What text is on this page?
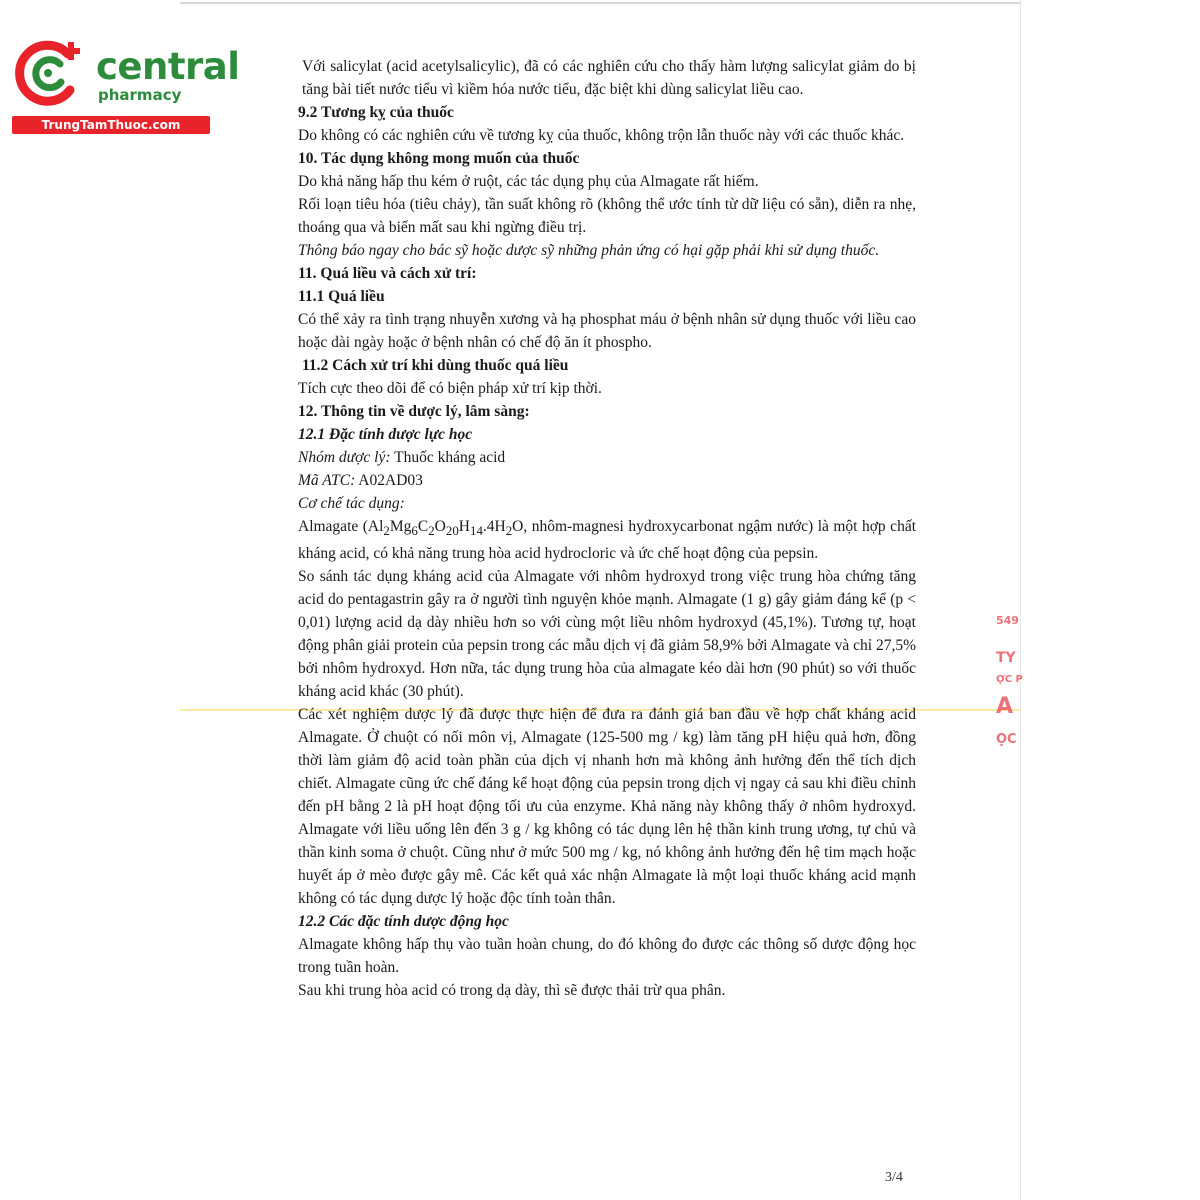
central
pharmacy
TrungTamThuoc.com
549
TY
ỢC P
A
ỌC

Với salicylat (acid acetylsalicylic), đã có các nghiên cứu cho thấy hàm lượng salicylat giảm do bị tăng bài tiết nước tiểu vì kiềm hóa nước tiểu, đặc biệt khi dùng salicylat liều cao.

9.2 Tương kỵ của thuốc

Do không có các nghiên cứu về tương kỵ của thuốc, không trộn lẫn thuốc này với các thuốc khác.

10. Tác dụng không mong muốn của thuốc

Do khả năng hấp thu kém ở ruột, các tác dụng phụ của Almagate rất hiếm.

Rối loạn tiêu hóa (tiêu chảy), tần suất không rõ (không thể ước tính từ dữ liệu có sẵn), diễn ra nhẹ, thoáng qua và biến mất sau khi ngừng điều trị.

Thông báo ngay cho bác sỹ hoặc dược sỹ những phản ứng có hại gặp phải khi sử dụng thuốc.

11. Quá liều và cách xử trí:
11.1 Quá liều

Có thể xảy ra tình trạng nhuyễn xương và hạ phosphat máu ở bệnh nhân sử dụng thuốc với liều cao hoặc dài ngày hoặc ở bệnh nhân có chế độ ăn ít phospho.

11.2 Cách xử trí khi dùng thuốc quá liều

Tích cực theo dõi để có biện pháp xử trí kịp thời.

12. Thông tin về dược lý, lâm sàng:
12.1 Đặc tính dược lực học

Nhóm dược lý: Thuốc kháng acid

Mã ATC: A02AD03

Cơ chế tác dụng:

Almagate ($Al_2Mg_6C_2O_{20}H_{14}.4H_2O$, nhôm-magnesi hydroxycarbonat ngậm nước) là một hợp chất kháng acid, có khả năng trung hòa acid hydrocloric và ức chế hoạt động của pepsin.

So sánh tác dụng kháng acid của Almagate với nhôm hydroxyd trong việc trung hòa chứng tăng acid do pentagastrin gây ra ở người tình nguyện khỏe mạnh. Almagate (1 g) gây giảm đáng kể (p < 0,01) lượng acid dạ dày nhiều hơn so với cùng một liều nhôm hydroxyd (45,1%). Tương tự, hoạt động phân giải protein của pepsin trong các mẫu dịch vị đã giảm 58,9% bởi Almagate và chỉ 27,5% bởi nhôm hydroxyd. Hơn nữa, tác dụng trung hòa của almagate kéo dài hơn (90 phút) so với thuốc kháng acid khác (30 phút).

Các xét nghiệm dược lý đã được thực hiện để đưa ra đánh giá ban đầu về hợp chất kháng acid Almagate. Ở chuột có nối môn vị, Almagate (125-500 mg / kg) làm tăng pH hiệu quả hơn, đồng thời làm giảm độ acid toàn phần của dịch vị nhanh hơn mà không ảnh hưởng đến thể tích dịch chiết. Almagate cũng ức chế đáng kể hoạt động của pepsin trong dịch vị ngay cả sau khi điều chỉnh đến pH bằng 2 là pH hoạt động tối ưu của enzyme. Khả năng này không thấy ở nhôm hydroxyd. Almagate với liều uống lên đến 3 g / kg không có tác dụng lên hệ thần kinh trung ương, tự chủ và thần kinh soma ở chuột. Cũng như ở mức 500 mg / kg, nó không ảnh hưởng đến hệ tim mạch hoặc huyết áp ở mèo được gây mê. Các kết quả xác nhận Almagate là một loại thuốc kháng acid mạnh không có tác dụng dược lý hoặc độc tính toàn thân.

12.2 Các đặc tính dược động học

Almagate không hấp thụ vào tuần hoàn chung, do đó không đo được các thông số dược động học trong tuần hoàn.

Sau khi trung hòa acid có trong dạ dày, thì sẽ được thải trừ qua phân.

3/4
